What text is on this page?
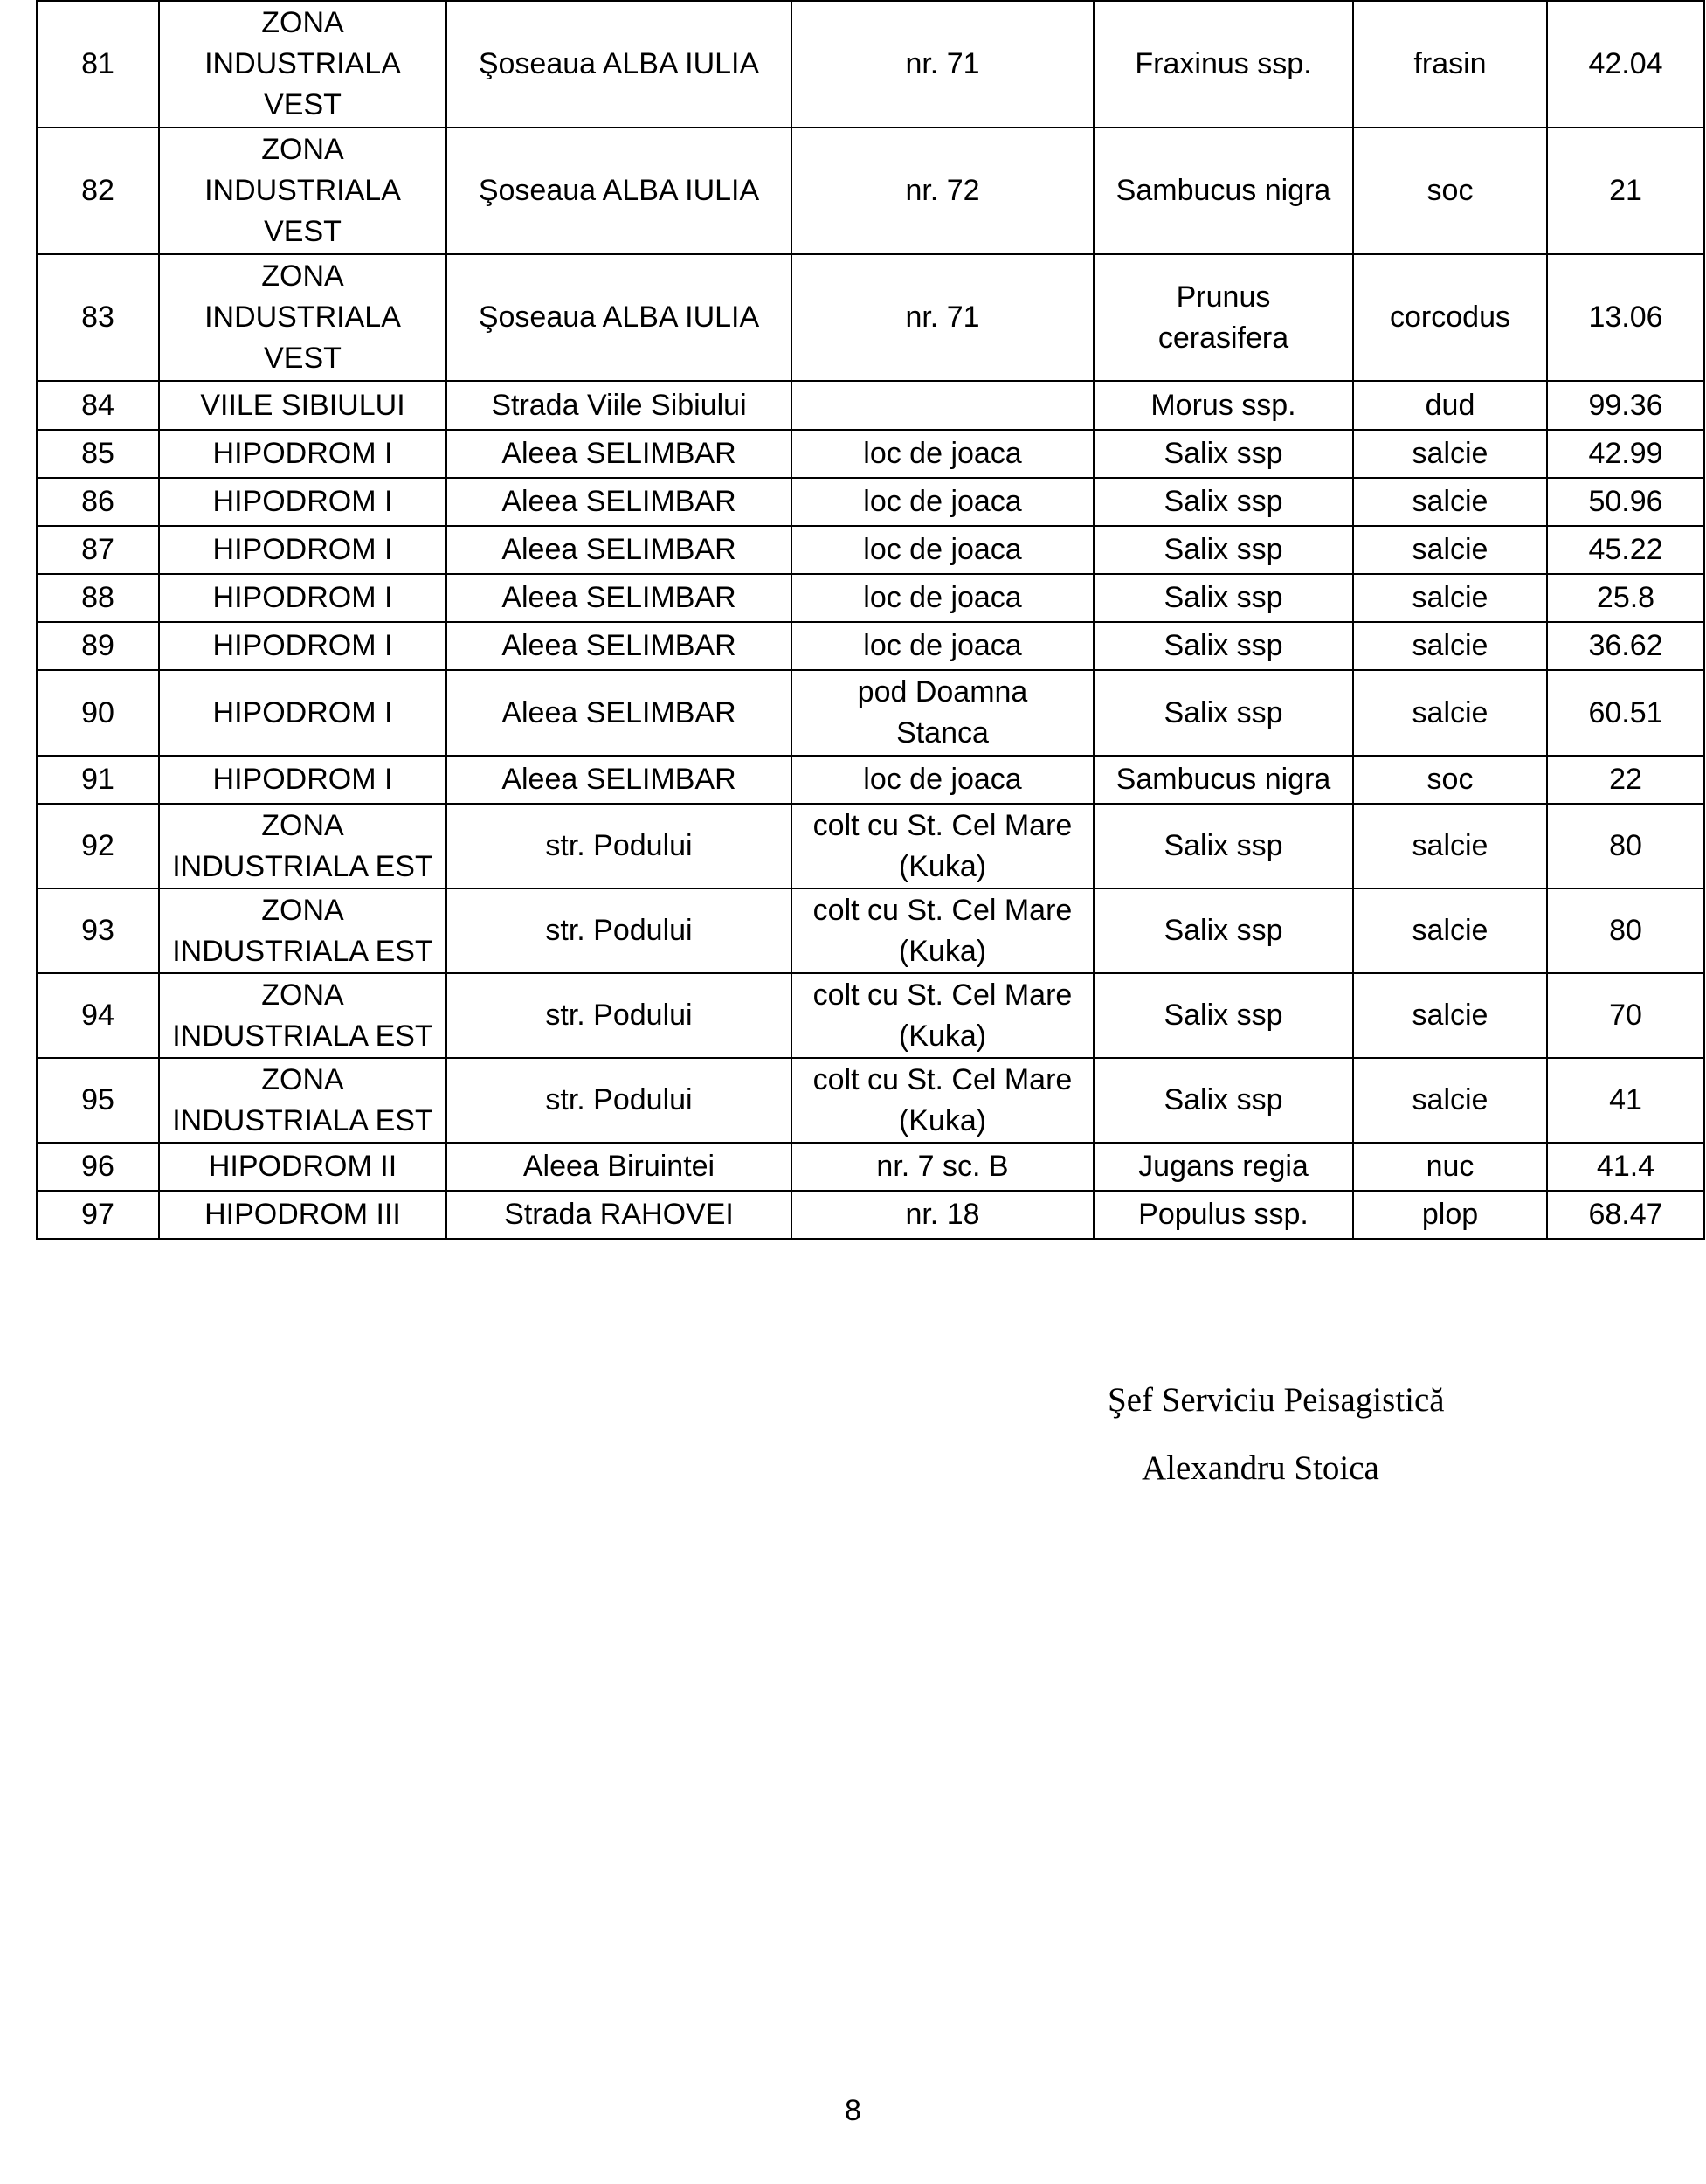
81	ZONA
INDUSTRIALA
VEST	Şoseaua ALBA IULIA	nr. 71	Fraxinus ssp.	frasin	42.04
82	ZONA
INDUSTRIALA
VEST	Şoseaua ALBA IULIA	nr. 72	Sambucus nigra	soc	21
83	ZONA
INDUSTRIALA
VEST	Şoseaua ALBA IULIA	nr. 71	Prunus
cerasifera	corcodus	13.06
84	VIILE SIBIULUI	Strada Viile Sibiului		Morus ssp.	dud	99.36
85	HIPODROM I	Aleea SELIMBAR	loc de joaca	Salix ssp	salcie	42.99
86	HIPODROM I	Aleea SELIMBAR	loc de joaca	Salix ssp	salcie	50.96
87	HIPODROM I	Aleea SELIMBAR	loc de joaca	Salix ssp	salcie	45.22
88	HIPODROM I	Aleea SELIMBAR	loc de joaca	Salix ssp	salcie	25.8
89	HIPODROM I	Aleea SELIMBAR	loc de joaca	Salix ssp	salcie	36.62
90	HIPODROM I	Aleea SELIMBAR	pod Doamna
Stanca	Salix ssp	salcie	60.51
91	HIPODROM I	Aleea SELIMBAR	loc de joaca	Sambucus nigra	soc	22
92	ZONA
INDUSTRIALA EST	str. Podului	colt cu St. Cel Mare
(Kuka)	Salix ssp	salcie	80
93	ZONA
INDUSTRIALA EST	str. Podului	colt cu St. Cel Mare
(Kuka)	Salix ssp	salcie	80
94	ZONA
INDUSTRIALA EST	str. Podului	colt cu St. Cel Mare
(Kuka)	Salix ssp	salcie	70
95	ZONA
INDUSTRIALA EST	str. Podului	colt cu St. Cel Mare
(Kuka)	Salix ssp	salcie	41
96	HIPODROM II	Aleea Biruintei	nr. 7 sc. B	Jugans regia	nuc	41.4
97	HIPODROM III	Strada RAHOVEI	nr. 18	Populus ssp.	plop	68.47
Şef Serviciu Peisagistică
Alexandru Stoica
8
